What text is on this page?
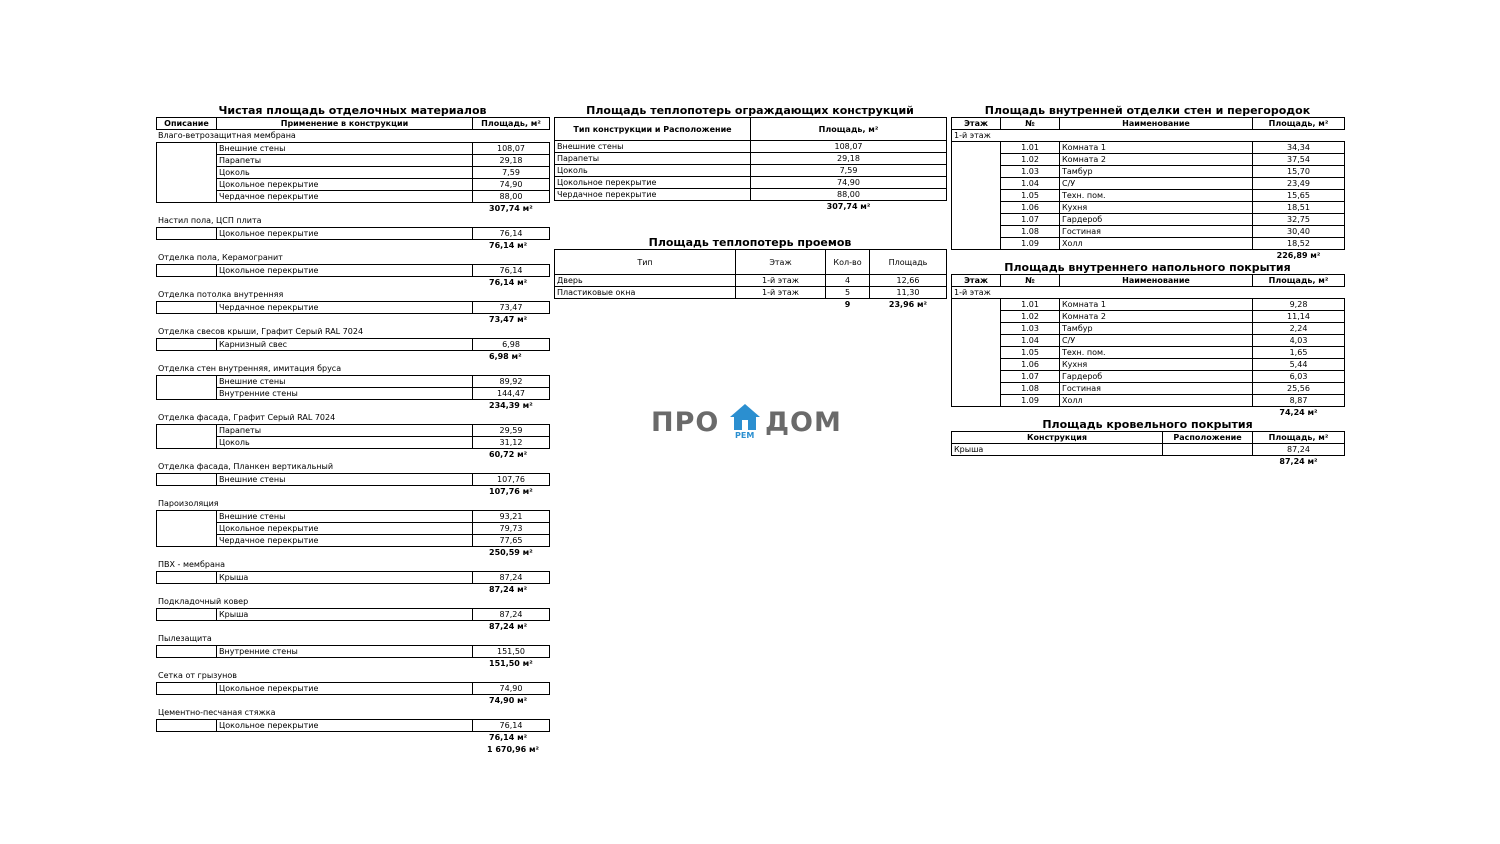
Чистая площадь отделочных материалов
Описание	Применение в конструкции	Площадь, м²
Влаго-ветрозащитная мембрана
	Внешние стены	108,07
	Парапеты	29,18
	Цоколь	7,59
	Цокольное перекрытие	74,90
	Чердачное перекрытие	88,00
307,74 м²
Настил пола, ЦСП плита
	Цокольное перекрытие	76,14
76,14 м²
Отделка пола, Керамогранит
	Цокольное перекрытие	76,14
76,14 м²
Отделка потолка внутренняя
	Чердачное перекрытие	73,47
73,47 м²
Отделка свесов крыши, Графит Серый RAL 7024
	Карнизный свес	6,98
6,98 м²
Отделка стен внутренняя, имитация бруса
	Внешние стены	89,92
	Внутренние стены	144,47
234,39 м²
Отделка фасада, Графит Серый RAL 7024
	Парапеты	29,59
	Цоколь	31,12
60,72 м²
Отделка фасада, Планкен вертикальный
	Внешние стены	107,76
107,76 м²
Пароизоляция
	Внешние стены	93,21
	Цокольное перекрытие	79,73
	Чердачное перекрытие	77,65
250,59 м²
ПВХ - мембрана
	Крыша	87,24
87,24 м²
Подкладочный ковер
	Крыша	87,24
87,24 м²
Пылезащита
	Внутренние стены	151,50
151,50 м²
Сетка от грызунов
	Цокольное перекрытие	74,90
74,90 м²
Цементно-песчаная стяжка
	Цокольное перекрытие	76,14
76,14 м²
1 670,96 м²
Площадь теплопотерь ограждающих конструкций
Тип конструкции и Расположение	Площадь, м²
Внешние стены	108,07
Парапеты	29,18
Цоколь	7,59
Цокольное перекрытие	74,90
Чердачное перекрытие	88,00
	307,74 м²
Площадь теплопотерь проемов
Тип	Этаж	Кол-во	Площадь
Дверь	1-й этаж	4	12,66
Пластиковые окна	1-й этаж	5	11,30
		9	23,96 м²
Площадь внутренней отделки стен и перегородок
Этаж	№	Наименование	Площадь, м²
1-й этаж			
	1.01	Комната 1	34,34
	1.02	Комната 2	37,54
	1.03	Тамбур	15,70
	1.04	С/У	23,49
	1.05	Техн. пом.	15,65
	1.06	Кухня	18,51
	1.07	Гардероб	32,75
	1.08	Гостиная	30,40
	1.09	Холл	18,52
			226,89 м²
Площадь внутреннего напольного покрытия
Этаж	№	Наименование	Площадь, м²
1-й этаж			
	1.01	Комната 1	9,28
	1.02	Комната 2	11,14
	1.03	Тамбур	2,24
	1.04	С/У	4,03
	1.05	Техн. пом.	1,65
	1.06	Кухня	5,44
	1.07	Гардероб	6,03
	1.08	Гостиная	25,56
	1.09	Холл	8,87
			74,24 м²
Площадь кровельного покрытия
Конструкция	Расположение	Площадь, м²
Крыша		87,24
		87,24 м²
ПРО РЕМ ДОМ
